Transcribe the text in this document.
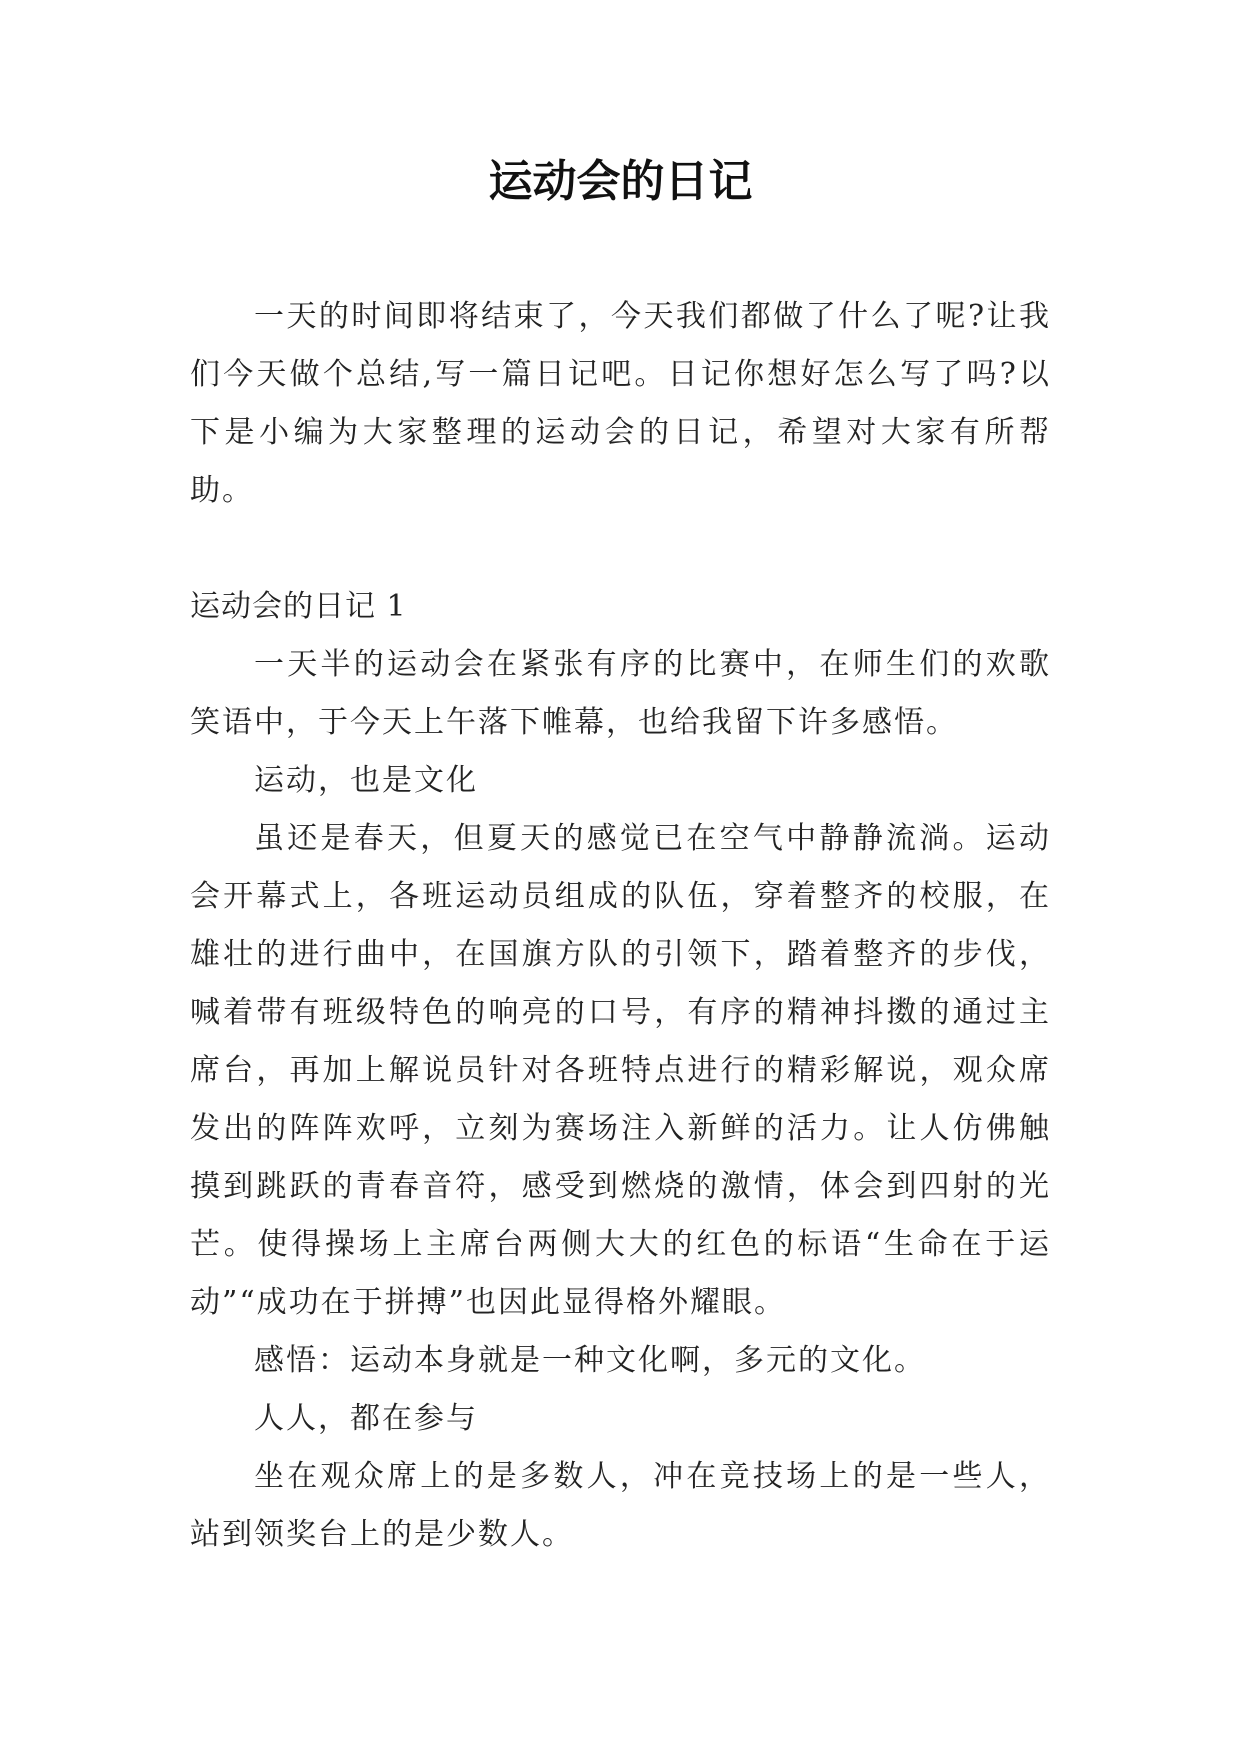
运动会的日记

一天的时间即将结束了，今天我们都做了什么了呢?让我们今天做个总结,写一篇日记吧。日记你想好怎么写了吗?以下是小编为大家整理的运动会的日记，希望对大家有所帮助。

运动会的日记 1

一天半的运动会在紧张有序的比赛中，在师生们的欢歌笑语中，于今天上午落下帷幕，也给我留下许多感悟。

运动，也是文化

虽还是春天，但夏天的感觉已在空气中静静流淌。运动会开幕式上，各班运动员组成的队伍，穿着整齐的校服，在雄壮的进行曲中，在国旗方队的引领下，踏着整齐的步伐，喊着带有班级特色的响亮的口号，有序的精神抖擞的通过主席台，再加上解说员针对各班特点进行的精彩解说，观众席发出的阵阵欢呼，立刻为赛场注入新鲜的活力。让人仿佛触摸到跳跃的青春音符，感受到燃烧的激情，体会到四射的光芒。使得操场上主席台两侧大大的红色的标语“生命在于运动”“成功在于拼搏”也因此显得格外耀眼。

感悟：运动本身就是一种文化啊，多元的文化。

人人，都在参与

坐在观众席上的是多数人，冲在竞技场上的是一些人，站到领奖台上的是少数人。
